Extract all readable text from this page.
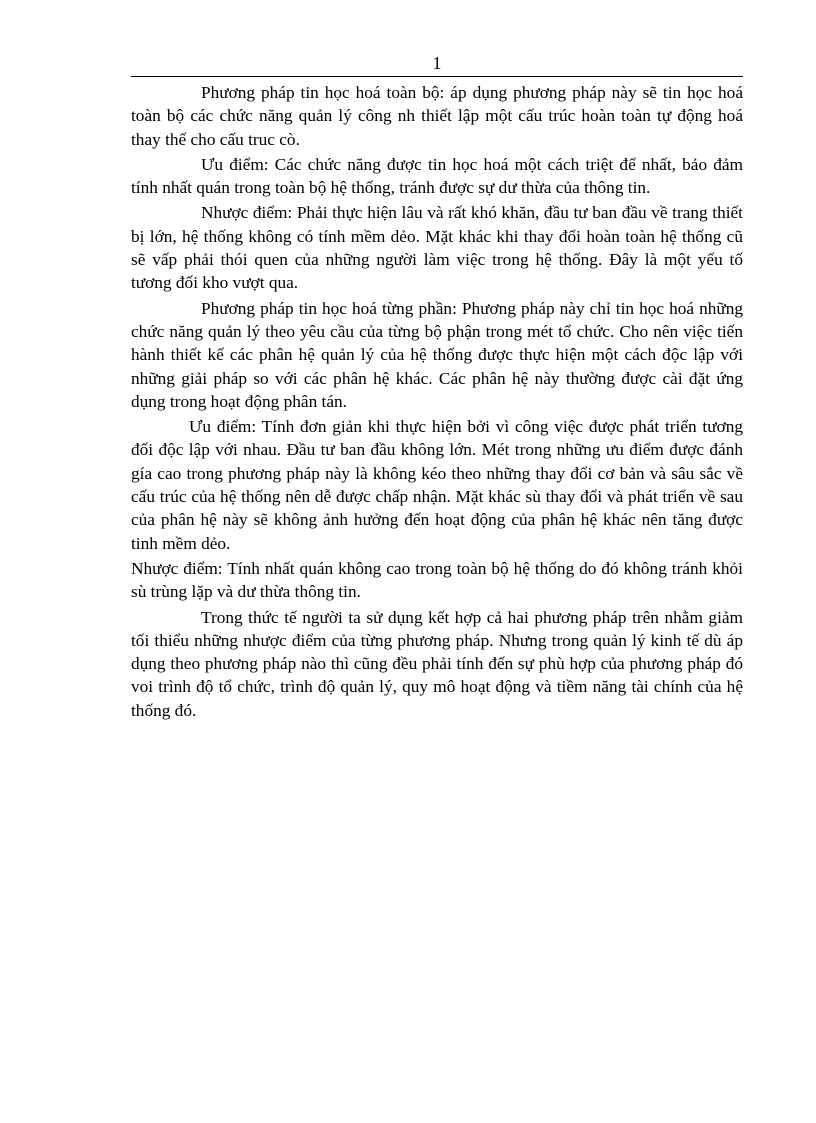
1

Phương pháp tin học hoá toàn bộ: áp dụng phương pháp này sẽ tin học hoá toàn bộ các chức năng quản lý công nh thiết lập một cấu trúc hoàn toàn tự động hoá thay thế cho cấu truc cò.

Ưu điểm: Các chức năng được tin học hoá một cách triệt để nhất, bảo đảm tính nhất quán trong toàn bộ hệ thống, tránh được sự dư thừa của thông tin.

Nhược điểm: Phải thực hiện lâu và rất khó khăn, đầu tư ban đầu về trang thiết bị lớn, hệ thống không có tính mềm dẻo. Mặt khác khi thay đổi hoàn toàn hệ thống cũ sẽ vấp phải thói quen của những người làm việc trong hệ thống. Đây là một yếu tố tương đối kho vượt qua.

Phương pháp tin học hoá từng phần: Phương pháp này chỉ tin học hoá những chức năng quản lý theo yêu cầu của từng bộ phận trong mét tổ chức. Cho nên việc tiến hành thiết kế các phân hệ quản lý của hệ thống được thực hiện một cách độc lập với những giải pháp so với các phân hệ khác. Các phân hệ này thường được cài đặt ứng dụng trong hoạt động phân tán.

Ưu điểm: Tính đơn giản khi thực hiện bởi vì công việc được phát triển tương đối độc lập với nhau. Đầu tư ban đầu không lớn. Mét trong những ưu điểm được đánh gía cao trong phương pháp này là không kéo theo những thay đổi cơ bản và sâu sắc về cấu trúc của hệ thống nên dễ được chấp nhận. Mặt khác sù thay đổi và phát triển về sau của phân hệ này sẽ không ảnh hưởng đến hoạt động của phân hệ khác nên tăng được tinh mềm dẻo.

Nhược điểm: Tính nhất quán không cao trong toàn bộ hệ thống do đó không tránh khỏi sù trùng lặp và dư thừa thông tin.

Trong thức tế người ta sử dụng kết hợp cả hai phương pháp trên nhằm giảm tối thiểu những nhược điểm của từng phương pháp. Nhưng trong quản lý kinh tế dù áp dụng theo phương pháp nào thì cũng đều phải tính đến sự phù hợp của phương pháp đó voi trình độ tổ chức, trình độ quản lý, quy mô hoạt động và tiềm năng tài chính của hệ thống đó.
